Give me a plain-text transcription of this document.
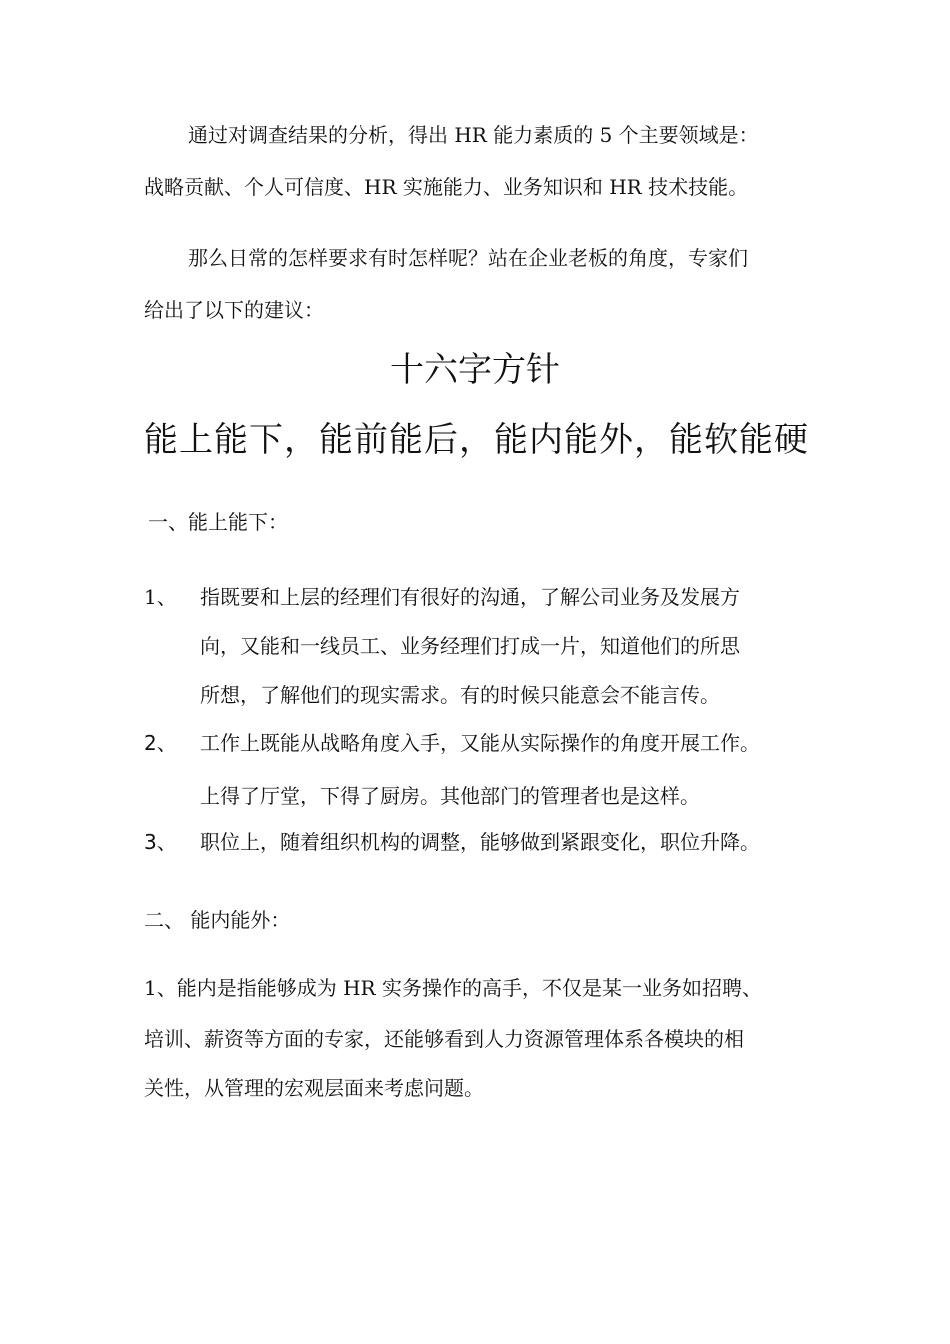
通过对调查结果的分析，得出 HR 能力素质的 5 个主要领域是：
战略贡献、个人可信度、HR 实施能力、业务知识和 HR 技术技能。
那么日常的怎样要求有时怎样呢？站在企业老板的角度，专家们
给出了以下的建议：
十六字方针
能上能下，能前能后，能内能外，能软能硬
一、能上能下：
1、 指既要和上层的经理们有很好的沟通，了解公司业务及发展方
向，又能和一线员工、业务经理们打成一片，知道他们的所思
所想，了解他们的现实需求。有的时候只能意会不能言传。
2、 工作上既能从战略角度入手，又能从实际操作的角度开展工作。
上得了厅堂，下得了厨房。其他部门的管理者也是这样。
3、 职位上，随着组织机构的调整，能够做到紧跟变化，职位升降。
二、 能内能外：
1、能内是指能够成为 HR 实务操作的高手，不仅是某一业务如招聘、
培训、薪资等方面的专家，还能够看到人力资源管理体系各模块的相
关性，从管理的宏观层面来考虑问题。
